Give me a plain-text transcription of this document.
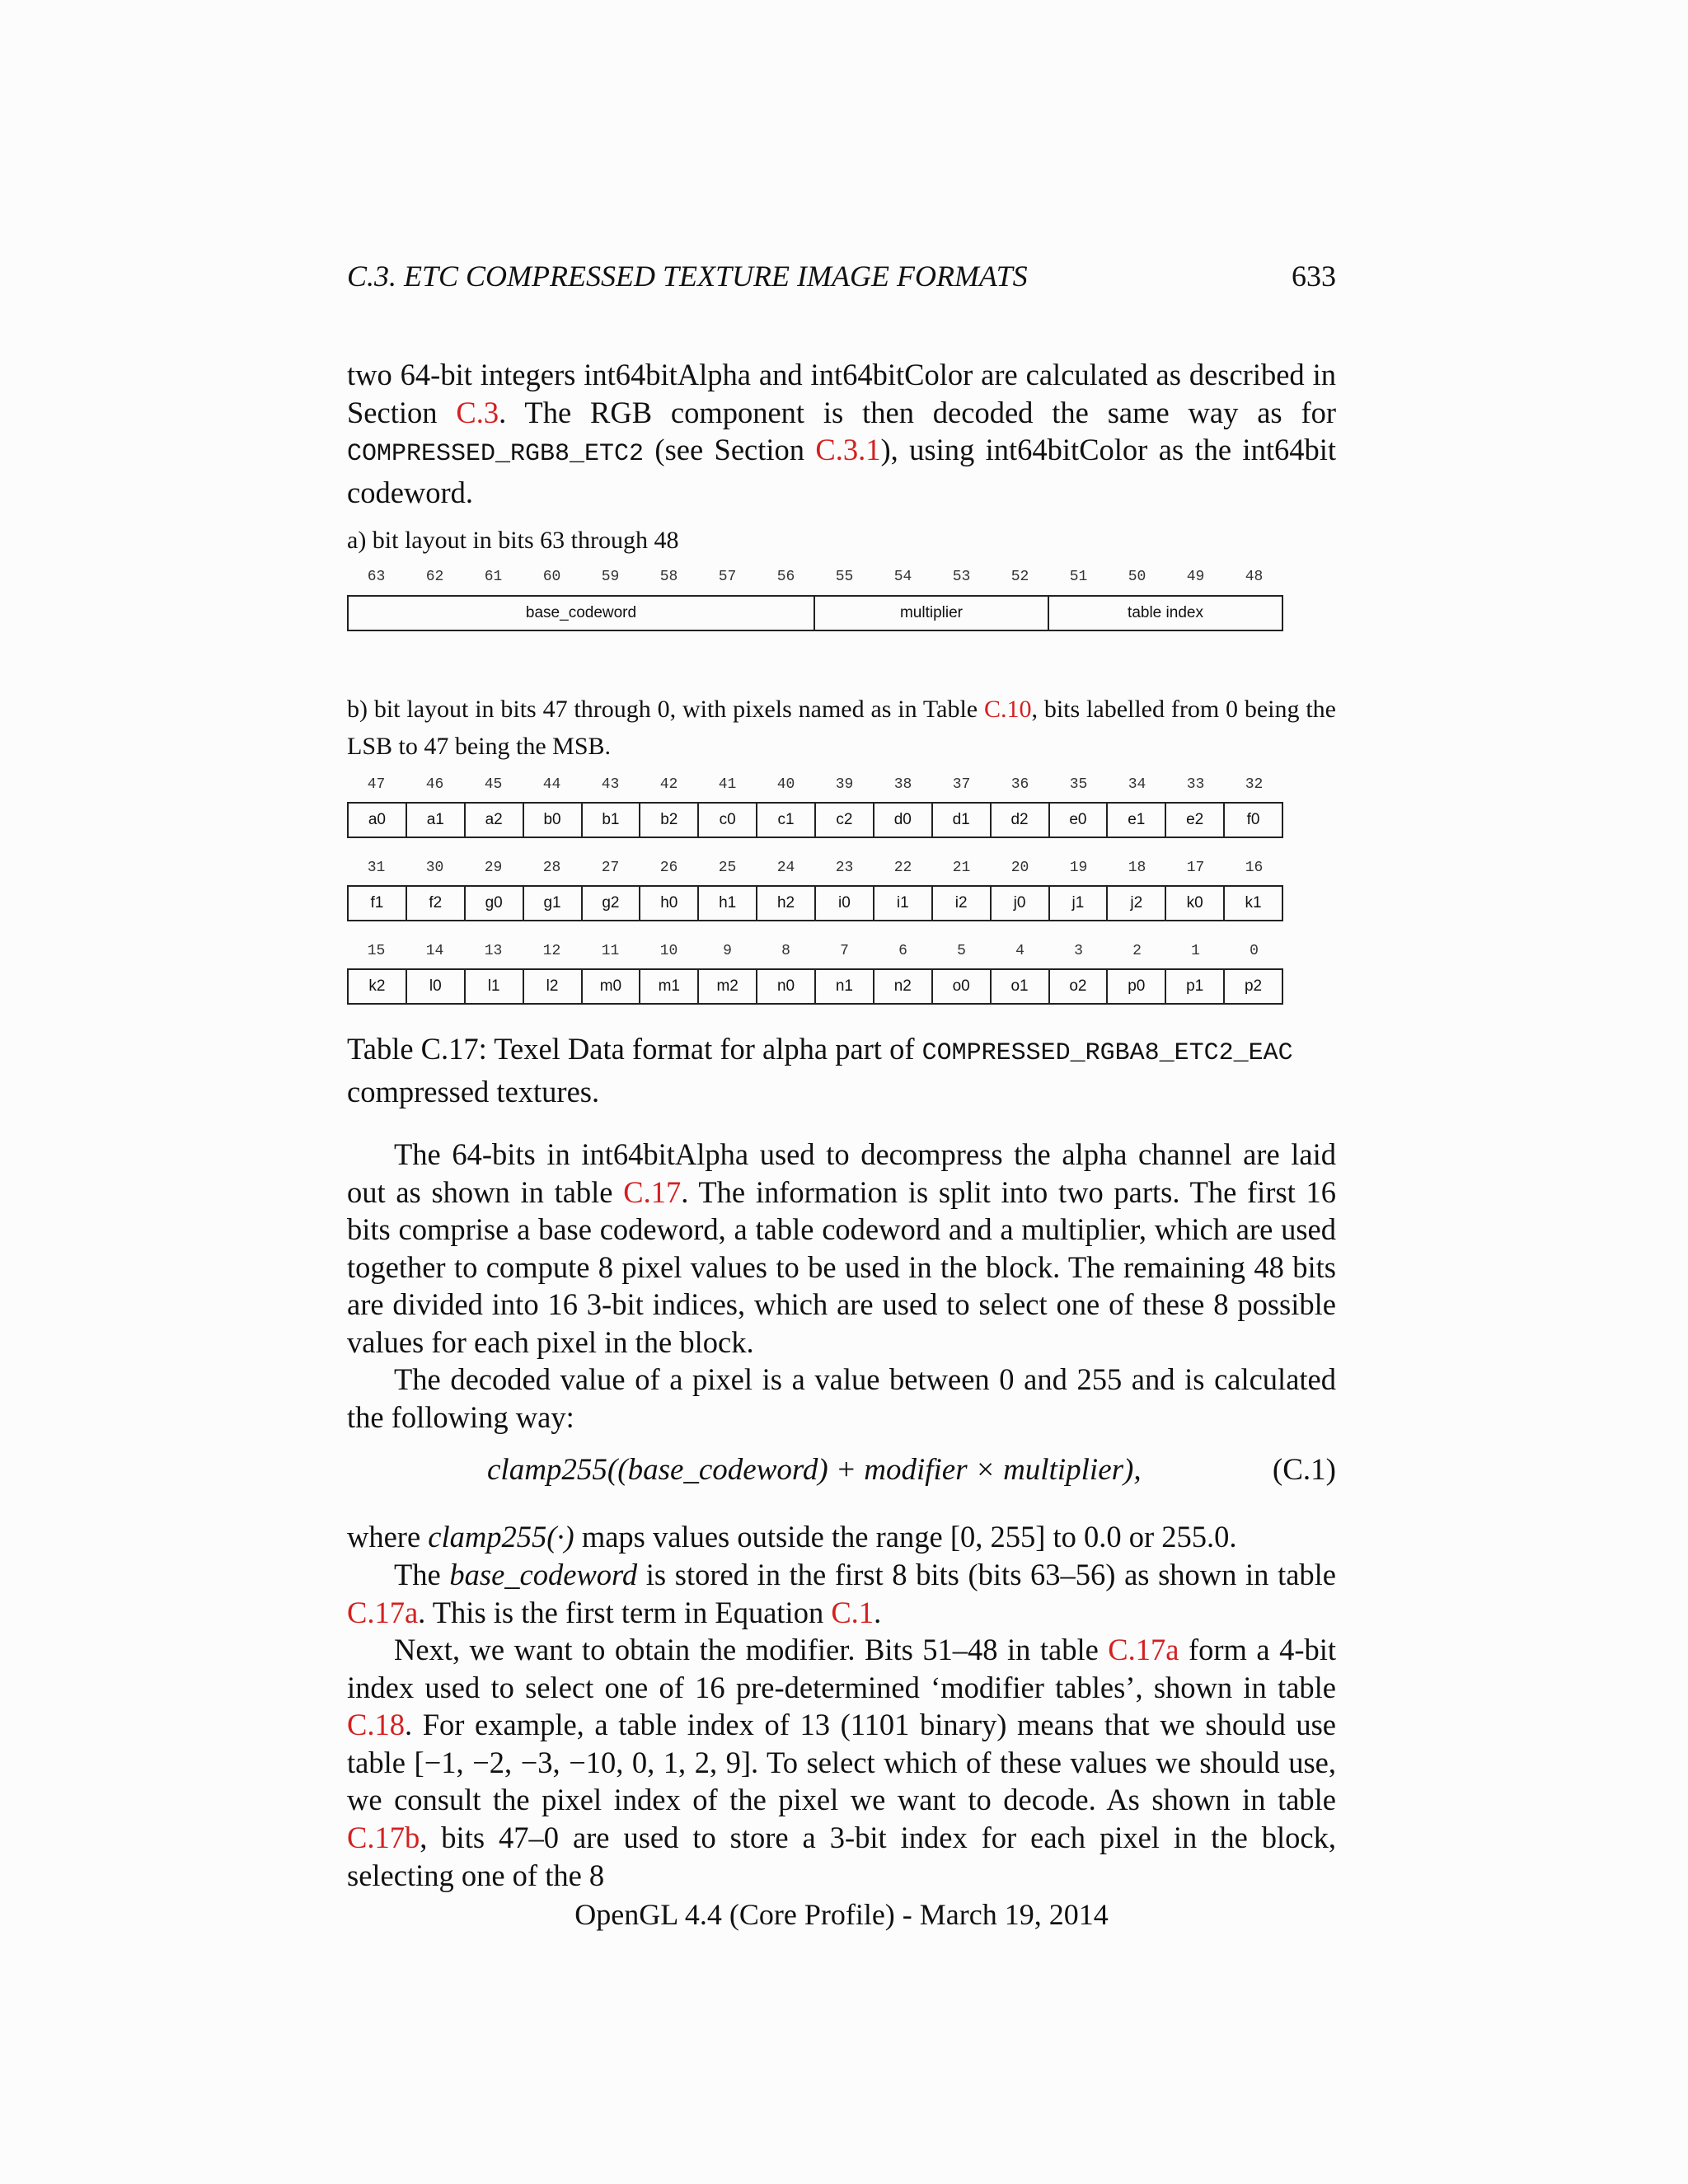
C.3. ETC COMPRESSED TEXTURE IMAGE FORMATS	633

two 64-bit integers int64bitAlpha and int64bitColor are calculated as described in Section C.3. The RGB component is then decoded the same way as for COMPRESSED_RGB8_ETC2 (see Section C.3.1), using int64bitColor as the int64bit codeword.

a) bit layout in bits 63 through 48

63	62	61	60	59	58	57	56	55	54	53	52	51	50	49	48
base_codeword	multiplier	table index

b) bit layout in bits 47 through 0, with pixels named as in Table C.10, bits labelled from 0 being the LSB to 47 being the MSB.

47	46	45	44	43	42	41	40	39	38	37	36	35	34	33	32
a0	a1	a2	b0	b1	b2	c0	c1	c2	d0	d1	d2	e0	e1	e2	f0
31	30	29	28	27	26	25	24	23	22	21	20	19	18	17	16
f1	f2	g0	g1	g2	h0	h1	h2	i0	i1	i2	j0	j1	j2	k0	k1
15	14	13	12	11	10	9	8	7	6	5	4	3	2	1	0
k2	l0	l1	l2	m0	m1	m2	n0	n1	n2	o0	o1	o2	p0	p1	p2

Table C.17: Texel Data format for alpha part of COMPRESSED_RGBA8_ETC2_EAC compressed textures.

The 64-bits in int64bitAlpha used to decompress the alpha channel are laid out as shown in table C.17. The information is split into two parts. The first 16 bits comprise a base codeword, a table codeword and a multiplier, which are used together to compute 8 pixel values to be used in the block. The remaining 48 bits are divided into 16 3-bit indices, which are used to select one of these 8 possible values for each pixel in the block.

The decoded value of a pixel is a value between 0 and 255 and is calculated the following way:

clamp255((base_codeword) + modifier × multiplier),	(C.1)

where clamp255(·) maps values outside the range [0, 255] to 0.0 or 255.0.

The base_codeword is stored in the first 8 bits (bits 63–56) as shown in table C.17a. This is the first term in Equation C.1.

Next, we want to obtain the modifier. Bits 51–48 in table C.17a form a 4-bit index used to select one of 16 pre-determined ‘modifier tables’, shown in table C.18. For example, a table index of 13 (1101 binary) means that we should use table [−1, −2, −3, −10, 0, 1, 2, 9]. To select which of these values we should use, we consult the pixel index of the pixel we want to decode. As shown in table C.17b, bits 47–0 are used to store a 3-bit index for each pixel in the block, selecting one of the 8

OpenGL 4.4 (Core Profile) - March 19, 2014
